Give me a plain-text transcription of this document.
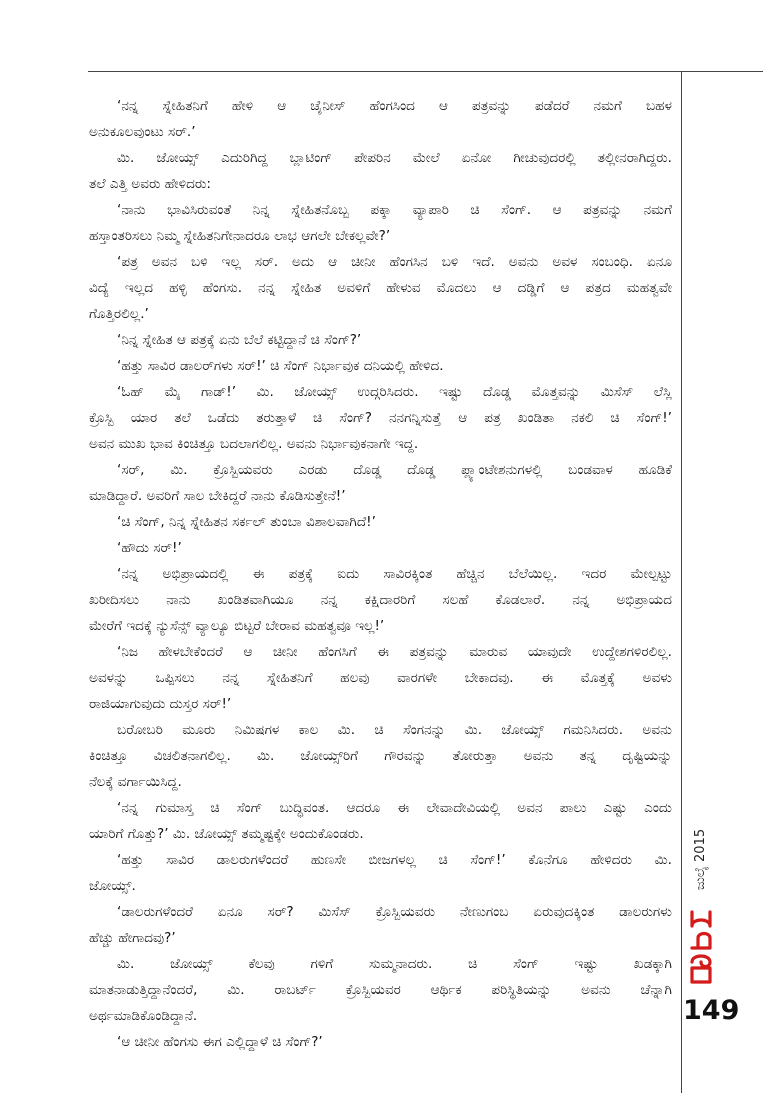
‘ನನ್ನ ಸ್ನೇಹಿತನಿಗೆ ಹೇಳಿ ಆ ಚೈನೀಸ್ ಹೆಂಗಸಿಂದ ಆ ಪತ್ರವನ್ನು ಪಡೆದರೆ ನಮಗೆ ಬಹಳ
ಅನುಕೂಲವುಂಟು ಸರ್.’
ಮಿ. ಜೋಯ್ಸ್ ಎದುರಿಗಿದ್ದ ಬ್ಲಾಟಿಂಗ್ ಪೇಪರಿನ ಮೇಲೆ ಏನೋ ಗೀಚುವುದರಲ್ಲಿ ತಲ್ಲೀನರಾಗಿದ್ದರು.
ತಲೆ ಎತ್ತಿ ಅವರು ಹೇಳಿದರು:
‘ನಾನು ಭಾವಿಸಿರುವಂತೆ ನಿನ್ನ ಸ್ನೇಹಿತನೊಬ್ಬ ಪಕ್ಕಾ ವ್ಯಾಪಾರಿ ಚಿ ಸೆಂಗ್. ಆ ಪತ್ರವನ್ನು ನಮಗೆ
ಹಸ್ತಾಂತರಿಸಲು ನಿಮ್ಮ ಸ್ನೇಹಿತನಿಗೇನಾದರೂ ಲಾಭ ಆಗಲೇ ಬೇಕಲ್ಲವೇ?’
‘ಪತ್ರ ಅವನ ಬಳಿ ಇಲ್ಲ ಸರ್. ಅದು ಆ ಚೀನೀ ಹೆಂಗಸಿನ ಬಳಿ ಇದೆ. ಅವನು ಅವಳ ಸಂಬಂಧಿ. ಏನೂ
ವಿದ್ಯೆ ಇಲ್ಲದ ಹಳ್ಳಿ ಹೆಂಗಸು. ನನ್ನ ಸ್ನೇಹಿತ ಅವಳಿಗೆ ಹೇಳುವ ಮೊದಲು ಆ ದಡ್ಡಿಗೆ ಆ ಪತ್ರದ ಮಹತ್ವವೇ
ಗೊತ್ತಿರಲಿಲ್ಲ.’
‘ನಿನ್ನ ಸ್ನೇಹಿತ ಆ ಪತ್ರಕ್ಕೆ ಏನು ಬೆಲೆ ಕಟ್ಟಿದ್ದಾನೆ ಚಿ ಸೆಂಗ್?’
‘ಹತ್ತು ಸಾವಿರ ಡಾಲರ್‌ಗಳು ಸರ್!’ ಚಿ ಸೆಂಗ್ ನಿರ್ಭಾವುಕ ದನಿಯಲ್ಲಿ ಹೇಳಿದ.
‘ಓಹ್ ಮೈ ಗಾಡ್!’ ಮಿ. ಜೋಯ್ಸ್ ಉದ್ಗರಿಸಿದರು. ಇಷ್ಟು ದೊಡ್ಡ ಮೊತ್ತವನ್ನು ಮಿಸೆಸ್ ಲೆಸ್ಲಿ
ಕ್ರೊಸ್ಬಿ ಯಾರ ತಲೆ ಒಡೆದು ತರುತ್ತಾಳೆ ಚಿ ಸೆಂಗ್? ನನಗನ್ನಿಸುತ್ತೆ ಆ ಪತ್ರ ಖಂಡಿತಾ ನಕಲಿ ಚಿ ಸೆಂಗ್!’
ಅವನ ಮುಖ ಭಾವ ಕಿಂಚಿತ್ತೂ ಬದಲಾಗಲಿಲ್ಲ. ಅವನು ನಿರ್ಭಾವುಕನಾಗೇ ಇದ್ದ.
‘ಸರ್, ಮಿ. ಕ್ರೊಸ್ಬಿಯವರು ಎರಡು ದೊಡ್ಡ ದೊಡ್ಡ ಪ್ಲ್ಯಾಂಟೇಶನುಗಳಲ್ಲಿ ಬಂಡವಾಳ ಹೂಡಿಕೆ
ಮಾಡಿದ್ದಾರೆ. ಅವರಿಗೆ ಸಾಲ ಬೇಕಿದ್ದರೆ ನಾನು ಕೊಡಿಸುತ್ತೇನೆ!’
‘ಚಿ ಸೆಂಗ್, ನಿನ್ನ ಸ್ನೇಹಿತನ ಸರ್ಕಲ್ ತುಂಬಾ ವಿಶಾಲವಾಗಿದೆ!’
‘ಹೌದು ಸರ್!’
‘ನನ್ನ ಅಭಿಪ್ರಾಯದಲ್ಲಿ ಈ ಪತ್ರಕ್ಕೆ ಐದು ಸಾವಿರಕ್ಕಿಂತ ಹೆಚ್ಚಿನ ಬೆಲೆಯಿಲ್ಲ. ಇದರ ಮೇಲ್ಪಟ್ಟು
ಖರೀದಿಸಲು ನಾನು ಖಂಡಿತವಾಗಿಯೂ ನನ್ನ ಕಕ್ಷಿದಾರರಿಗೆ ಸಲಹೆ ಕೊಡಲಾರೆ. ನನ್ನ ಅಭಿಪ್ರಾಯದ
ಮೇರೆಗೆ ಇದಕ್ಕೆ ನ್ಯುಸೆನ್ಸ್ ವ್ಯಾಲ್ಯೂ ಬಿಟ್ಟರೆ ಬೇರಾವ ಮಹತ್ವವೂ ಇಲ್ಲ!’
‘ನಿಜ ಹೇಳಬೇಕೆಂದರೆ ಆ ಚೀನೀ ಹೆಂಗಸಿಗೆ ಈ ಪತ್ರವನ್ನು ಮಾರುವ ಯಾವುದೇ ಉದ್ದೇಶಗಳಿರಲಿಲ್ಲ.
ಅವಳನ್ನು ಒಪ್ಪಿಸಲು ನನ್ನ ಸ್ನೇಹಿತನಿಗೆ ಹಲವು ವಾರಗಳೇ ಬೇಕಾದವು. ಈ ಮೊತ್ತಕ್ಕೆ ಅವಳು
ರಾಜಿಯಾಗುವುದು ದುಸ್ತರ ಸರ್!’
ಬರೋಬರಿ ಮೂರು ನಿಮಿಷಗಳ ಕಾಲ ಮಿ. ಚಿ ಸೆಂಗನನ್ನು ಮಿ. ಜೋಯ್ಸ್ ಗಮನಿಸಿದರು. ಅವನು
ಕಿಂಚಿತ್ತೂ ವಿಚಲಿತನಾಗಲಿಲ್ಲ. ಮಿ. ಜೋಯ್ಸ್‌ರಿಗೆ ಗೌರವನ್ನು ತೋರುತ್ತಾ ಅವನು ತನ್ನ ದೃಷ್ಟಿಯನ್ನು
ನೆಲಕ್ಕೆ ವರ್ಗಾಯಿಸಿದ್ದ.
‘ನನ್ನ ಗುಮಾಸ್ತ ಚಿ ಸೆಂಗ್ ಬುದ್ಧಿವಂತ. ಆದರೂ ಈ ಲೇವಾದೇವಿಯಲ್ಲಿ ಅವನ ಪಾಲು ಎಷ್ಟು ಎಂದು
ಯಾರಿಗೆ ಗೊತ್ತು?’ ಮಿ. ಜೋಯ್ಸ್ ತಮ್ಮಷ್ಟಕ್ಕೇ ಅಂದುಕೊಂಡರು.
‘ಹತ್ತು ಸಾವಿರ ಡಾಲರುಗಳೆಂದರೆ ಹುಣಸೇ ಬೀಜಗಳಲ್ಲ ಚಿ ಸೆಂಗ್!’ ಕೊನೆಗೂ ಹೇಳಿದರು ಮಿ.
ಜೋಯ್ಸ್.
‘ಡಾಲರುಗಳೆಂದರೆ ಏನೂ ಸರ್? ಮಿಸೆಸ್ ಕ್ರೊಸ್ಬಿಯವರು ನೇಣುಗಂಬ ಏರುವುದಕ್ಕಿಂತ ಡಾಲರುಗಳು
ಹೆಚ್ಚು ಹೇಗಾದವು?’
ಮಿ. ಜೋಯ್ಸ್ ಕೆಲವು ಗಳಿಗೆ ಸುಮ್ಮನಾದರು. ಚಿ ಸೆಂಗ್ ಇಷ್ಟು ಖಡಕ್ಕಾಗಿ
ಮಾತನಾಡುತ್ತಿದ್ದಾನೆಂದರೆ, ಮಿ. ರಾಬರ್ಟ್ ಕ್ರೊಸ್ಬಿಯವರ ಆರ್ಥಿಕ ಪರಿಸ್ಥಿತಿಯನ್ನು ಅವನು ಚೆನ್ನಾಗಿ
ಅರ್ಥಮಾಡಿಕೊಂಡಿದ್ದಾನೆ.
‘ಆ ಚೀನೀ ಹೆಂಗಸು ಈಗ ಎಲ್ಲಿದ್ದಾಳೆ ಚಿ ಸೆಂಗ್?’
ಜುಲೈ 2015
149
